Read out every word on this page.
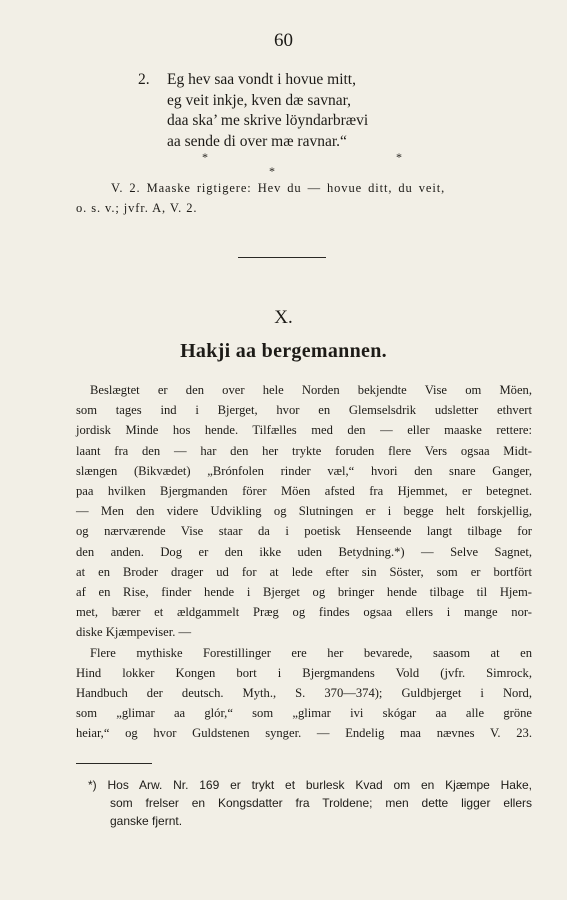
60
2. Eg hev saa vondt i hovue mitt,
eg veit inkje, kven dæ savnar,
daa ska’ me skrive löyndarbrævi
aa sende di over mæ ravnar.“
*
*
*
V. 2. Maaske rigtigere: Hev du — hovue ditt, du veit,
o. s. v.; jvfr. A, V. 2.
X.
Hakji aa bergemannen.
Beslægtet er den over hele Norden bekjendte Vise om Möen,
som tages ind i Bjerget, hvor en Glemselsdrik udsletter ethvert
jordisk Minde hos hende. Tilfælles med den — eller maaske rettere:
laant fra den — har den her trykte foruden flere Vers ogsaa Midt-
slængen (Bikvædet) „Brónfolen rinder væl,“ hvori den snare Ganger,
paa hvilken Bjergmanden förer Möen afsted fra Hjemmet, er betegnet.
— Men den videre Udvikling og Slutningen er i begge helt forskjellig,
og nærværende Vise staar da i poetisk Henseende langt tilbage for
den anden. Dog er den ikke uden Betydning.*) — Selve Sagnet,
at en Broder drager ud for at lede efter sin Söster, som er bortfört
af en Rise, finder hende i Bjerget og bringer hende tilbage til Hjem-
met, bærer et ældgammelt Præg og findes ogsaa ellers i mange nor-
diske Kjæmpeviser. —
Flere mythiske Forestillinger ere her bevarede, saasom at en
Hind lokker Kongen bort i Bjergmandens Vold (jvfr. Simrock,
Handbuch der deutsch. Myth., S. 370—374); Guldbjerget i Nord,
som „glimar aa glór,“ som „glimar ivi skógar aa alle gröne
heiar,“ og hvor Guldstenen synger. — Endelig maa nævnes V. 23.
*) Hos Arw. Nr. 169 er trykt et burlesk Kvad om en Kjæmpe Hake,
som frelser en Kongsdatter fra Troldene; men dette ligger ellers
ganske fjernt.
